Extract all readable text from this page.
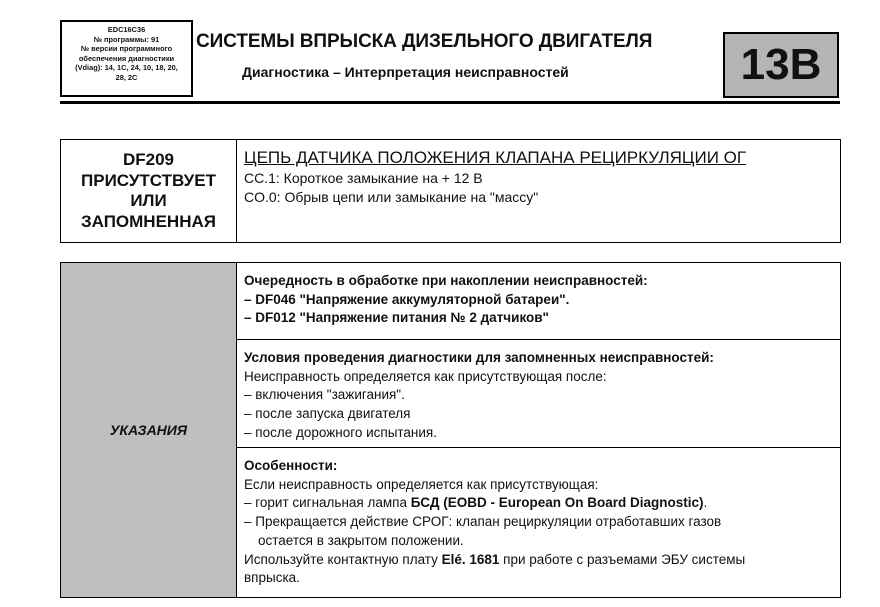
EDC16C36
№ программы: 91
№ версии программного
обеспечения диагностики
(Vdiag): 14, 1C, 24, 10, 18, 20,
28, 2C
СИСТЕМЫ ВПРЫСКА ДИЗЕЛЬНОГО ДВИГАТЕЛЯ
Диагностика – Интерпретация неисправностей	13B
DF209
ПРИСУТСТВУЕТ
ИЛИ
ЗАПОМНЕННАЯ
ЦЕПЬ ДАТЧИКА ПОЛОЖЕНИЯ КЛАПАНА РЕЦИРКУЛЯЦИИ ОГ
CC.1: Короткое замыкание на + 12 В
CO.0: Обрыв цепи или замыкание на "массу"
УКАЗАНИЯ
Очередность в обработке при накоплении неисправностей:
– DF046 "Напряжение аккумуляторной батареи".
– DF012 "Напряжение питания № 2 датчиков"
Условия проведения диагностики для запомненных неисправностей:
Неисправность определяется как присутствующая после:
– включения "зажигания".
– после запуска двигателя
– после дорожного испытания.
Особенности:
Если неисправность определяется как присутствующая:
– горит сигнальная лампа БСД (EOBD - European On Board Diagnostic).
– Прекращается действие СРОГ: клапан рециркуляции отработавших газов
остается в закрытом положении.
Используйте контактную плату Elé. 1681 при работе с разъемами ЭБУ системы
впрыска.
